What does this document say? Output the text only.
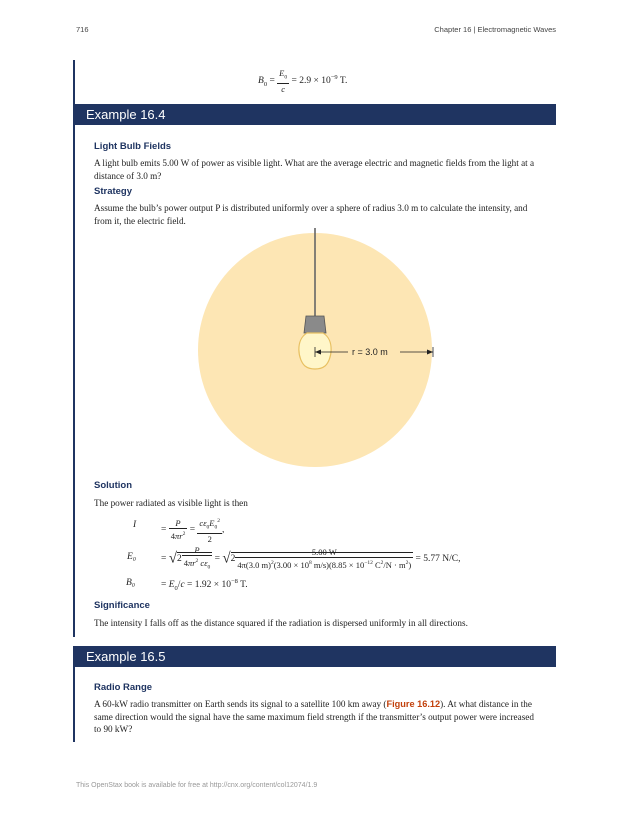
716	Chapter 16 | Electromagnetic Waves
$B_0 = \frac{E_0}{c} = 2.9 \times 10^{-9}$ T.
Example 16.4
Light Bulb Fields
A light bulb emits 5.00 W of power as visible light. What are the average electric and magnetic fields from the light at a distance of 3.0 m?
Strategy
Assume the bulb’s power output P is distributed uniformly over a sphere of radius 3.0 m to calculate the intensity, and from it, the electric field.
r = 3.0 m
Solution
The power radiated as visible light is then
I	= $\frac{P}{4\pi r^2} = \frac{c\varepsilon_0E_0^2}{2}$ ,
E₀	= $√2 \frac{P}{4\pi r^2 c\varepsilon_0} = √2 \frac{5.00 W}{4\pi(3.0 m)^2(3.00 \times 10^8 m/s)(8.85 \times 10^{-12} C^2/N \cdot m^2)} = 5.77$ N/C,
B₀	= $E_0/c = 1.92 \times 10^{-8}$ T.
Significance
The intensity I falls off as the distance squared if the radiation is dispersed uniformly in all directions.
Example 16.5
Radio Range
A 60-kW radio transmitter on Earth sends its signal to a satellite 100 km away (Figure 16.12). At what distance in the same direction would the signal have the same maximum field strength if the transmitter’s output power were increased to 90 kW?
This OpenStax book is available for free at http://cnx.org/content/col12074/1.9
